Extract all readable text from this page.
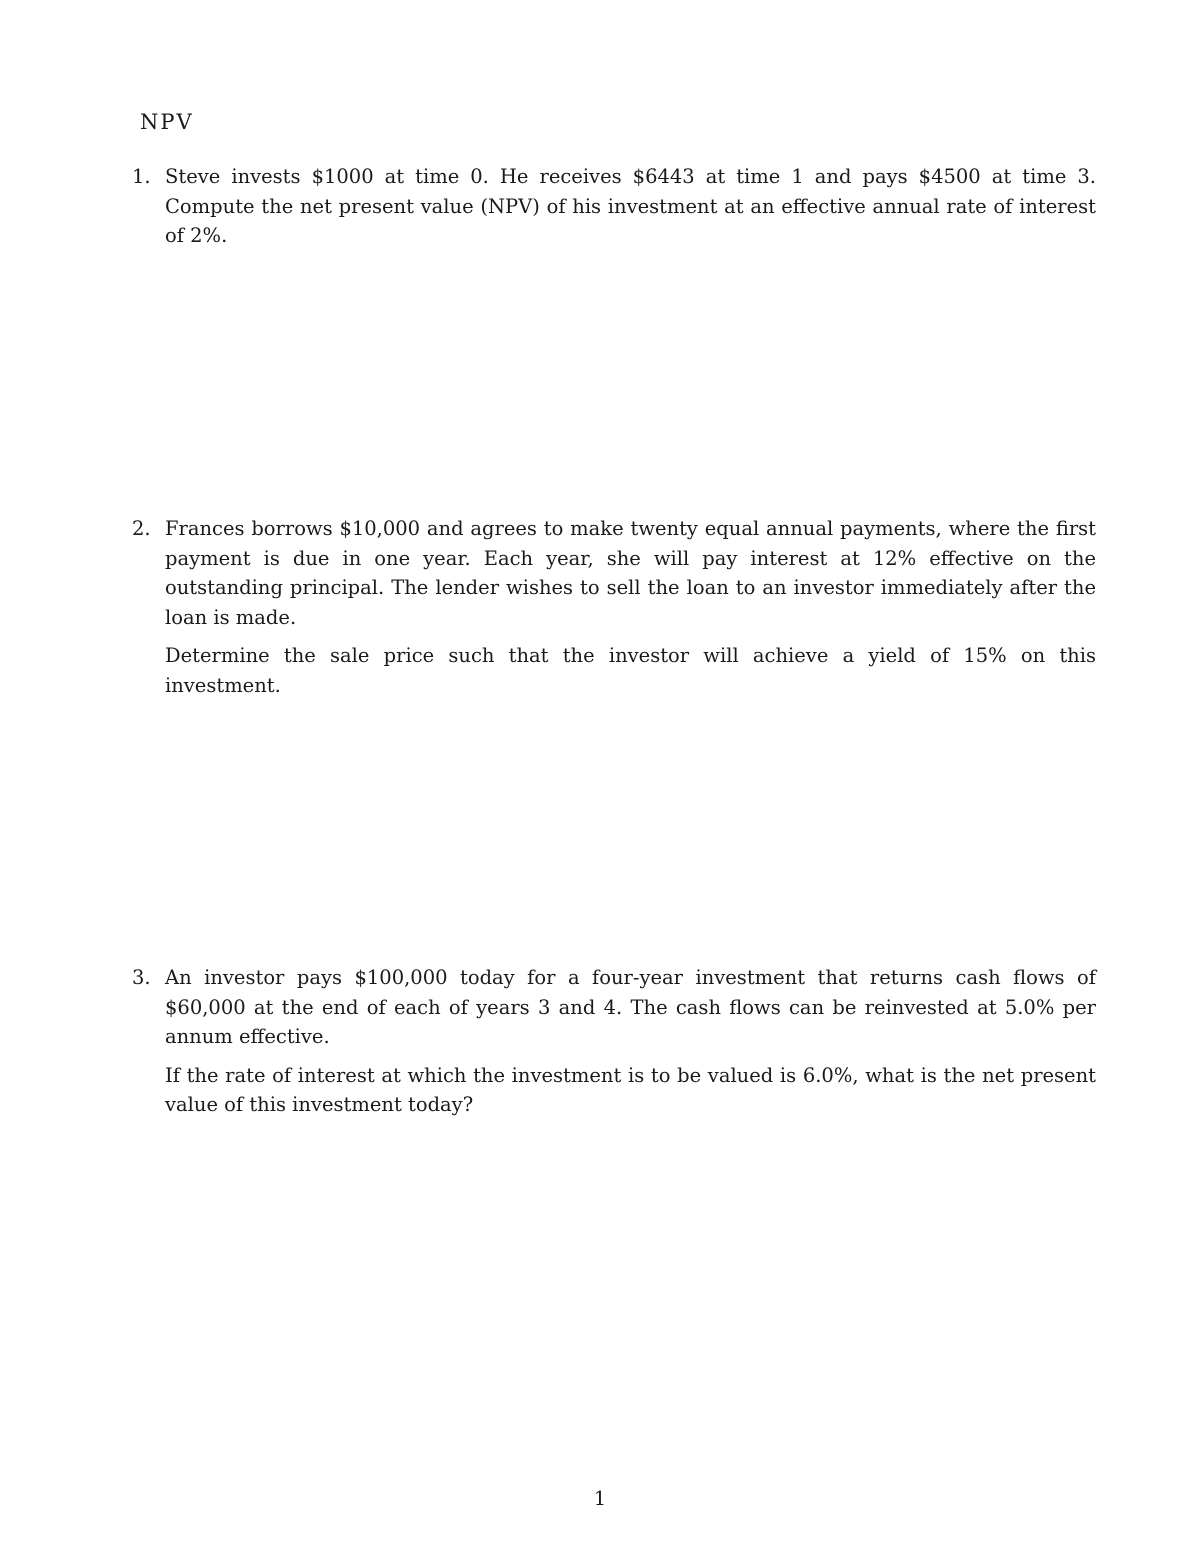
NPV
1. Steve invests $1000 at time 0. He receives $6443 at time 1 and pays $4500 at time 3. Compute the net present value (NPV) of his investment at an effective annual rate of interest of 2%.

2. Frances borrows $10,000 and agrees to make twenty equal annual payments, where the first payment is due in one year. Each year, she will pay interest at 12% effective on the outstanding principal. The lender wishes to sell the loan to an investor immediately after the loan is made.

Determine the sale price such that the investor will achieve a yield of 15% on this investment.

3. An investor pays $100,000 today for a four-year investment that returns cash flows of $60,000 at the end of each of years 3 and 4. The cash flows can be reinvested at 5.0% per annum effective.

If the rate of interest at which the investment is to be valued is 6.0%, what is the net present value of this investment today?

1
